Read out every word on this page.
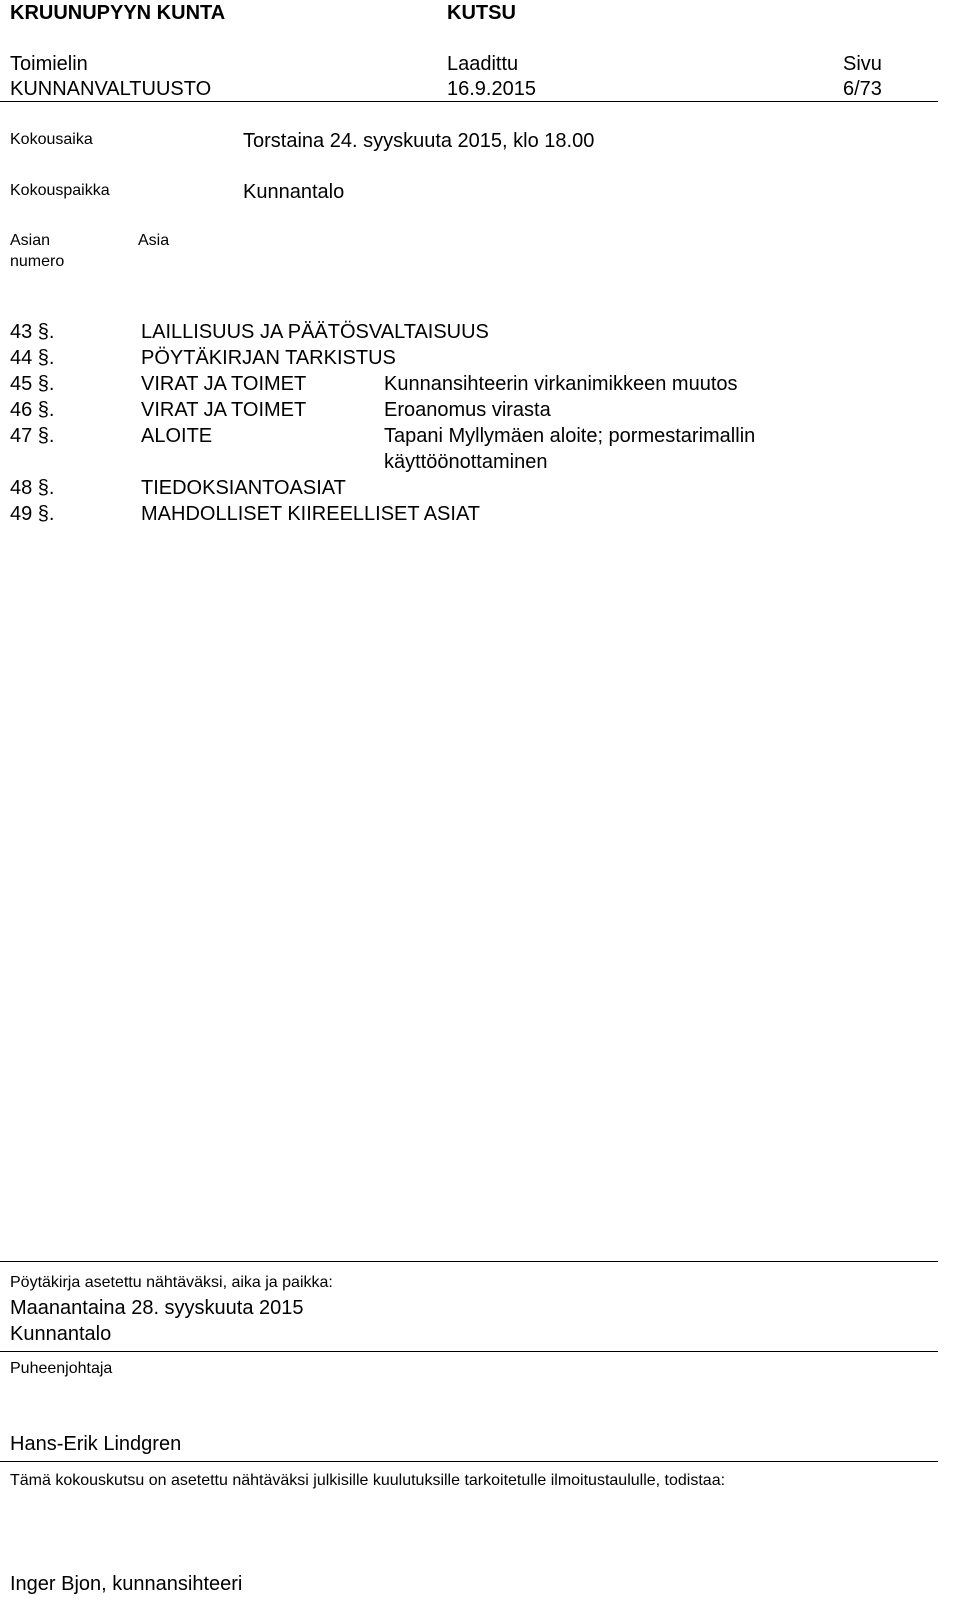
KRUUNUPYYN KUNTA	KUTSU
Toimielin	Laadittu	Sivu
KUNNANVALTUUSTO	16.9.2015	6/73
Kokousaika	Torstaina 24. syyskuuta 2015, klo 18.00
Kokouspaikka	Kunnantalo
Asian
numero
Asia
43 §.	LAILLISUUS JA PÄÄTÖSVALTAISUUS
44 §.	PÖYTÄKIRJAN TARKISTUS
45 §.	VIRAT JA TOIMET	Kunnansihteerin virkanimikkeen muutos
46 §.	VIRAT JA TOIMET	Eroanomus virasta
47 §.	ALOITE	Tapani Myllymäen aloite; pormestarimallin
käyttöönottaminen
48 §.	TIEDOKSIANTOASIAT
49 §.	MAHDOLLISET KIIREELLISET ASIAT
Pöytäkirja asetettu nähtäväksi, aika ja paikka:
Maanantaina 28. syyskuuta 2015
Kunnantalo
Puheenjohtaja
Hans-Erik Lindgren
Tämä kokouskutsu on asetettu nähtäväksi julkisille kuulutuksille tarkoitetulle ilmoitustaululle, todistaa:
Inger Bjon, kunnansihteeri
